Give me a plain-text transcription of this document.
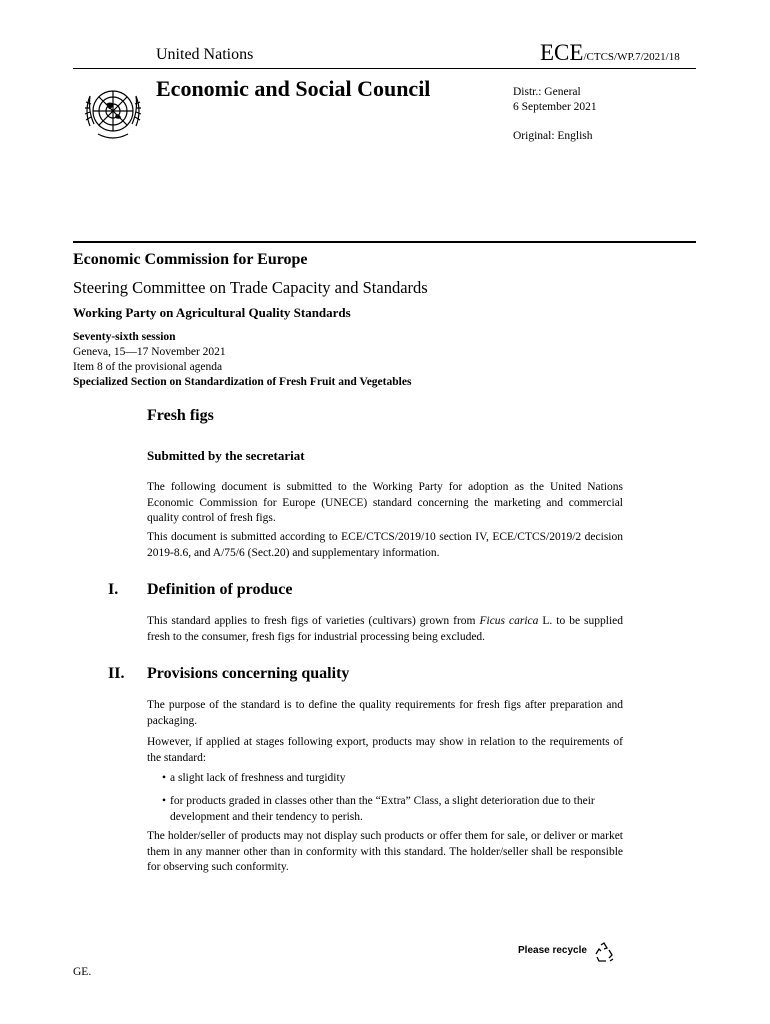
United Nations	ECE/CTCS/WP.7/2021/18
Economic and Social Council	Distr.: General
6 September 2021
Original: English
Economic Commission for Europe
Steering Committee on Trade Capacity and Standards
Working Party on Agricultural Quality Standards
Seventy-sixth session
Geneva, 15—17 November 2021
Item 8 of the provisional agenda
Specialized Section on Standardization of Fresh Fruit and Vegetables
Fresh figs
Submitted by the secretariat
The following document is submitted to the Working Party for adoption as the United Nations Economic Commission for Europe (UNECE) standard concerning the marketing and commercial quality control of fresh figs.
This document is submitted according to ECE/CTCS/2019/10 section IV, ECE/CTCS/2019/2 decision 2019-8.6, and A/75/6 (Sect.20) and supplementary information.
I. Definition of produce
This standard applies to fresh figs of varieties (cultivars) grown from Ficus carica L. to be supplied fresh to the consumer, fresh figs for industrial processing being excluded.
II. Provisions concerning quality
The purpose of the standard is to define the quality requirements for fresh figs after preparation and packaging.
However, if applied at stages following export, products may show in relation to the requirements of the standard:
• a slight lack of freshness and turgidity
• for products graded in classes other than the “Extra” Class, a slight deterioration due to their development and their tendency to perish.
The holder/seller of products may not display such products or offer them for sale, or deliver or market them in any manner other than in conformity with this standard. The holder/seller shall be responsible for observing such conformity.
GE.
Please recycle
